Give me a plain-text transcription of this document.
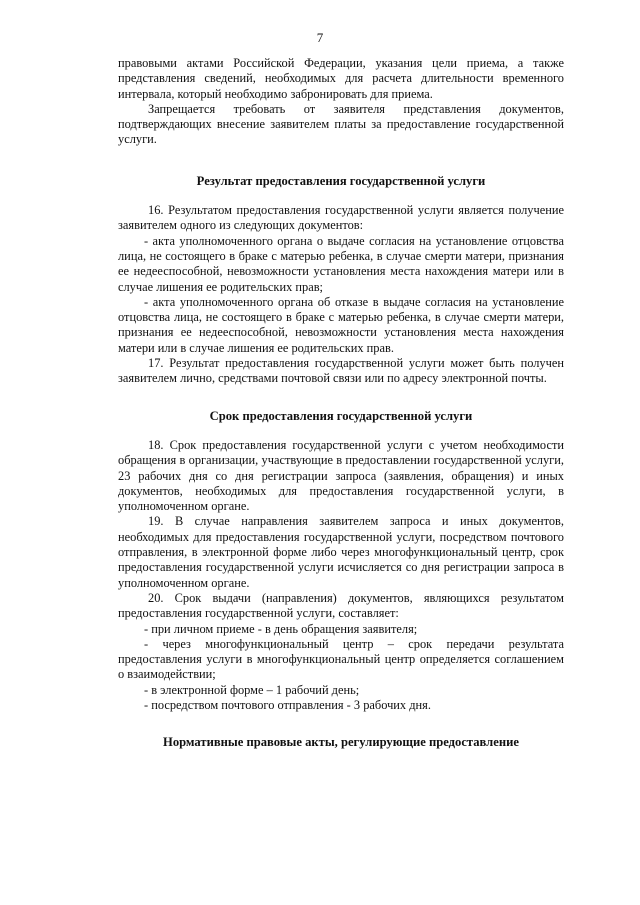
7

правовыми актами Российской Федерации, указания цели приема, а также представления сведений, необходимых для расчета длительности временного интервала, который необходимо забронировать для приема.

Запрещается требовать от заявителя представления документов, подтверждающих внесение заявителем платы за предоставление государственной услуги.

Результат предоставления государственной услуги

16. Результатом предоставления государственной услуги является получение заявителем одного из следующих документов:

- акта уполномоченного органа о выдаче согласия на установление отцовства лица, не состоящего в браке с матерью ребенка, в случае смерти матери, признания ее недееспособной, невозможности установления места нахождения матери или в случае лишения ее родительских прав;

- акта уполномоченного органа об отказе в выдаче согласия на установление отцовства лица, не состоящего в браке с матерью ребенка, в случае смерти матери, признания ее недееспособной, невозможности установления места нахождения матери или в случае лишения ее родительских прав.

17. Результат предоставления государственной услуги может быть получен заявителем лично, средствами почтовой связи или по адресу электронной почты.

Срок предоставления государственной услуги

18. Срок предоставления государственной услуги с учетом необходимости обращения в организации, участвующие в предоставлении государственной услуги, 23 рабочих дня со дня регистрации запроса (заявления, обращения) и иных документов, необходимых для предоставления государственной услуги, в уполномоченном органе.

19. В случае направления заявителем запроса и иных документов, необходимых для предоставления государственной услуги, посредством почтового отправления, в электронной форме либо через многофункциональный центр, срок предоставления государственной услуги исчисляется со дня регистрации запроса в уполномоченном органе.

20. Срок выдачи (направления) документов, являющихся результатом предоставления государственной услуги, составляет:

- при личном приеме - в день обращения заявителя;

- через многофункциональный центр – срок передачи результата предоставления услуги в многофункциональный центр определяется соглашением о взаимодействии;

- в электронной форме – 1 рабочий день;

- посредством почтового отправления - 3 рабочих дня.

Нормативные правовые акты, регулирующие предоставление
